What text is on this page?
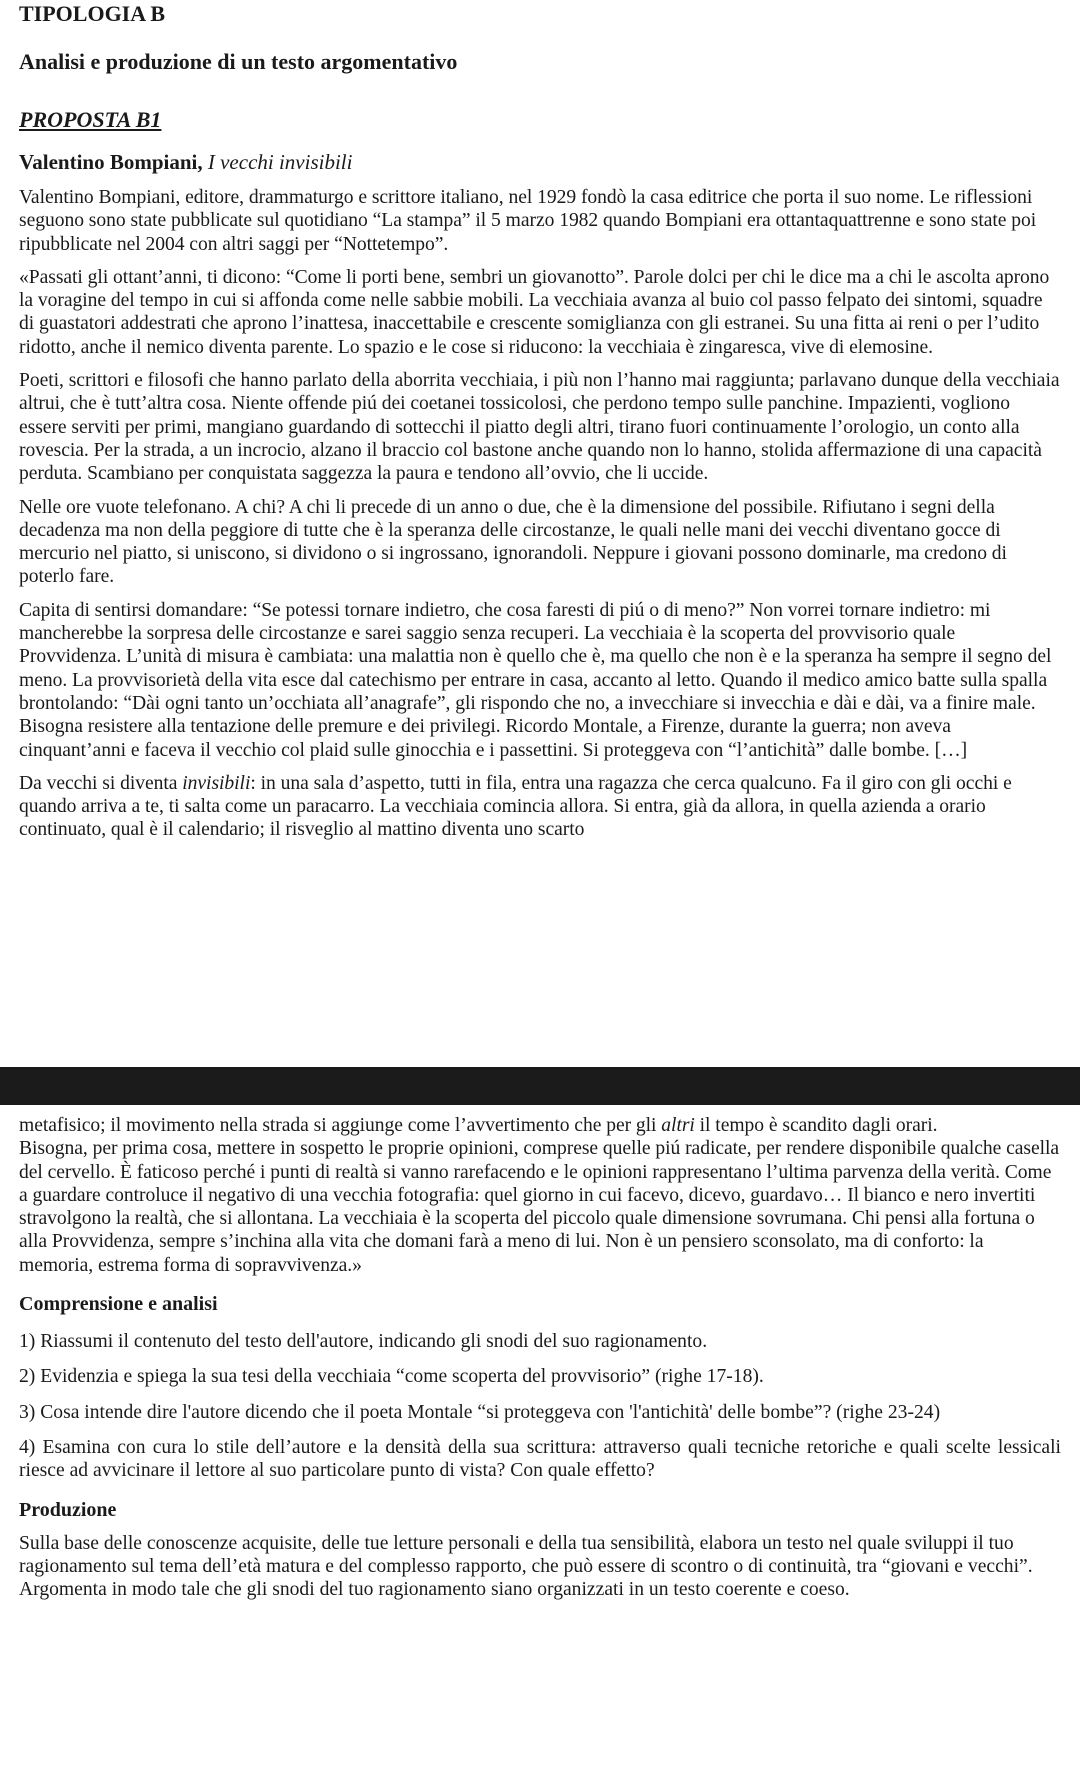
TIPOLOGIA B
Analisi e produzione di un testo argomentativo
PROPOSTA B1

Valentino Bompiani, I vecchi invisibili

Valentino Bompiani, editore, drammaturgo e scrittore italiano, nel 1929 fondò la casa editrice che porta il suo nome. Le riflessioni seguono sono state pubblicate sul quotidiano “La stampa” il 5 marzo 1982 quando Bompiani era ottantaquattrenne e sono state poi ripubblicate nel 2004 con altri saggi per “Nottetempo”.

«Passati gli ottant’anni, ti dicono: “Come li porti bene, sembri un giovanotto”. Parole dolci per chi le dice ma a chi le ascolta aprono la voragine del tempo in cui si affonda come nelle sabbie mobili. La vecchiaia avanza al buio col passo felpato dei sintomi, squadre di guastatori addestrati che aprono l’inattesa, inaccettabile e crescente somiglianza con gli estranei. Su una fitta ai reni o per l’udito ridotto, anche il nemico diventa parente. Lo spazio e le cose si riducono: la vecchiaia è zingaresca, vive di elemosine.

Poeti, scrittori e filosofi che hanno parlato della aborrita vecchiaia, i più non l’hanno mai raggiunta; parlavano dunque della vecchiaia altrui, che è tutt’altra cosa. Niente offende piú dei coetanei tossicolosi, che perdono tempo sulle panchine. Impazienti, vogliono essere serviti per primi, mangiano guardando di sottecchi il piatto degli altri, tirano fuori continuamente l’orologio, un conto alla rovescia. Per la strada, a un incrocio, alzano il braccio col bastone anche quando non lo hanno, stolida affermazione di una capacità perduta. Scambiano per conquistata saggezza la paura e tendono all’ovvio, che li uccide.

Nelle ore vuote telefonano. A chi? A chi li precede di un anno o due, che è la dimensione del possibile. Rifiutano i segni della decadenza ma non della peggiore di tutte che è la speranza delle circostanze, le quali nelle mani dei vecchi diventano gocce di mercurio nel piatto, si uniscono, si dividono o si ingrossano, ignorandoli. Neppure i giovani possono dominarle, ma credono di poterlo fare.

Capita di sentirsi domandare: “Se potessi tornare indietro, che cosa faresti di piú o di meno?” Non vorrei tornare indietro: mi mancherebbe la sorpresa delle circostanze e sarei saggio senza recuperi. La vecchiaia è la scoperta del provvisorio quale Provvidenza. L’unità di misura è cambiata: una malattia non è quello che è, ma quello che non è e la speranza ha sempre il segno del meno. La provvisorietà della vita esce dal catechismo per entrare in casa, accanto al letto. Quando il medico amico batte sulla spalla brontolando: “Dài ogni tanto un’occhiata all’anagrafe”, gli rispondo che no, a invecchiare si invecchia e dài e dài, va a finire male. Bisogna resistere alla tentazione delle premure e dei privilegi. Ricordo Montale, a Firenze, durante la guerra; non aveva cinquant’anni e faceva il vecchio col plaid sulle ginocchia e i passettini. Si proteggeva con “l’antichità” dalle bombe. […]

Da vecchi si diventa invisibili: in una sala d’aspetto, tutti in fila, entra una ragazza che cerca qualcuno. Fa il giro con gli occhi e quando arriva a te, ti salta come un paracarro. La vecchiaia comincia allora. Si entra, già da allora, in quella azienda a orario continuato, qual è il calendario; il risveglio al mattino diventa uno scarto

metafisico; il movimento nella strada si aggiunge come l’avvertimento che per gli altri il tempo è scandito dagli orari.

Bisogna, per prima cosa, mettere in sospetto le proprie opinioni, comprese quelle piú radicate, per rendere disponibile qualche casella del cervello. È faticoso perché i punti di realtà si vanno rarefacendo e le opinioni rappresentano l’ultima parvenza della verità. Come a guardare controluce il negativo di una vecchia fotografia: quel giorno in cui facevo, dicevo, guardavo… Il bianco e nero invertiti stravolgono la realtà, che si allontana. La vecchiaia è la scoperta del piccolo quale dimensione sovrumana. Chi pensi alla fortuna o alla Provvidenza, sempre s’inchina alla vita che domani farà a meno di lui. Non è un pensiero sconsolato, ma di conforto: la memoria, estrema forma di sopravvivenza.»

Comprensione e analisi

1) Riassumi il contenuto del testo dell'autore, indicando gli snodi del suo ragionamento.

2) Evidenzia e spiega la sua tesi della vecchiaia “come scoperta del provvisorio” (righe 17-18).

3) Cosa intende dire l'autore dicendo che il poeta Montale “si proteggeva con 'l'antichità' delle bombe”? (righe 23-24)

4) Esamina con cura lo stile dell’autore e la densità della sua scrittura: attraverso quali tecniche retoriche e quali scelte lessicali riesce ad avvicinare il lettore al suo particolare punto di vista? Con quale effetto?

Produzione

Sulla base delle conoscenze acquisite, delle tue letture personali e della tua sensibilità, elabora un testo nel quale sviluppi il tuo ragionamento sul tema dell’età matura e del complesso rapporto, che può essere di scontro o di continuità, tra “giovani e vecchi”. Argomenta in modo tale che gli snodi del tuo ragionamento siano organizzati in un testo coerente e coeso.
